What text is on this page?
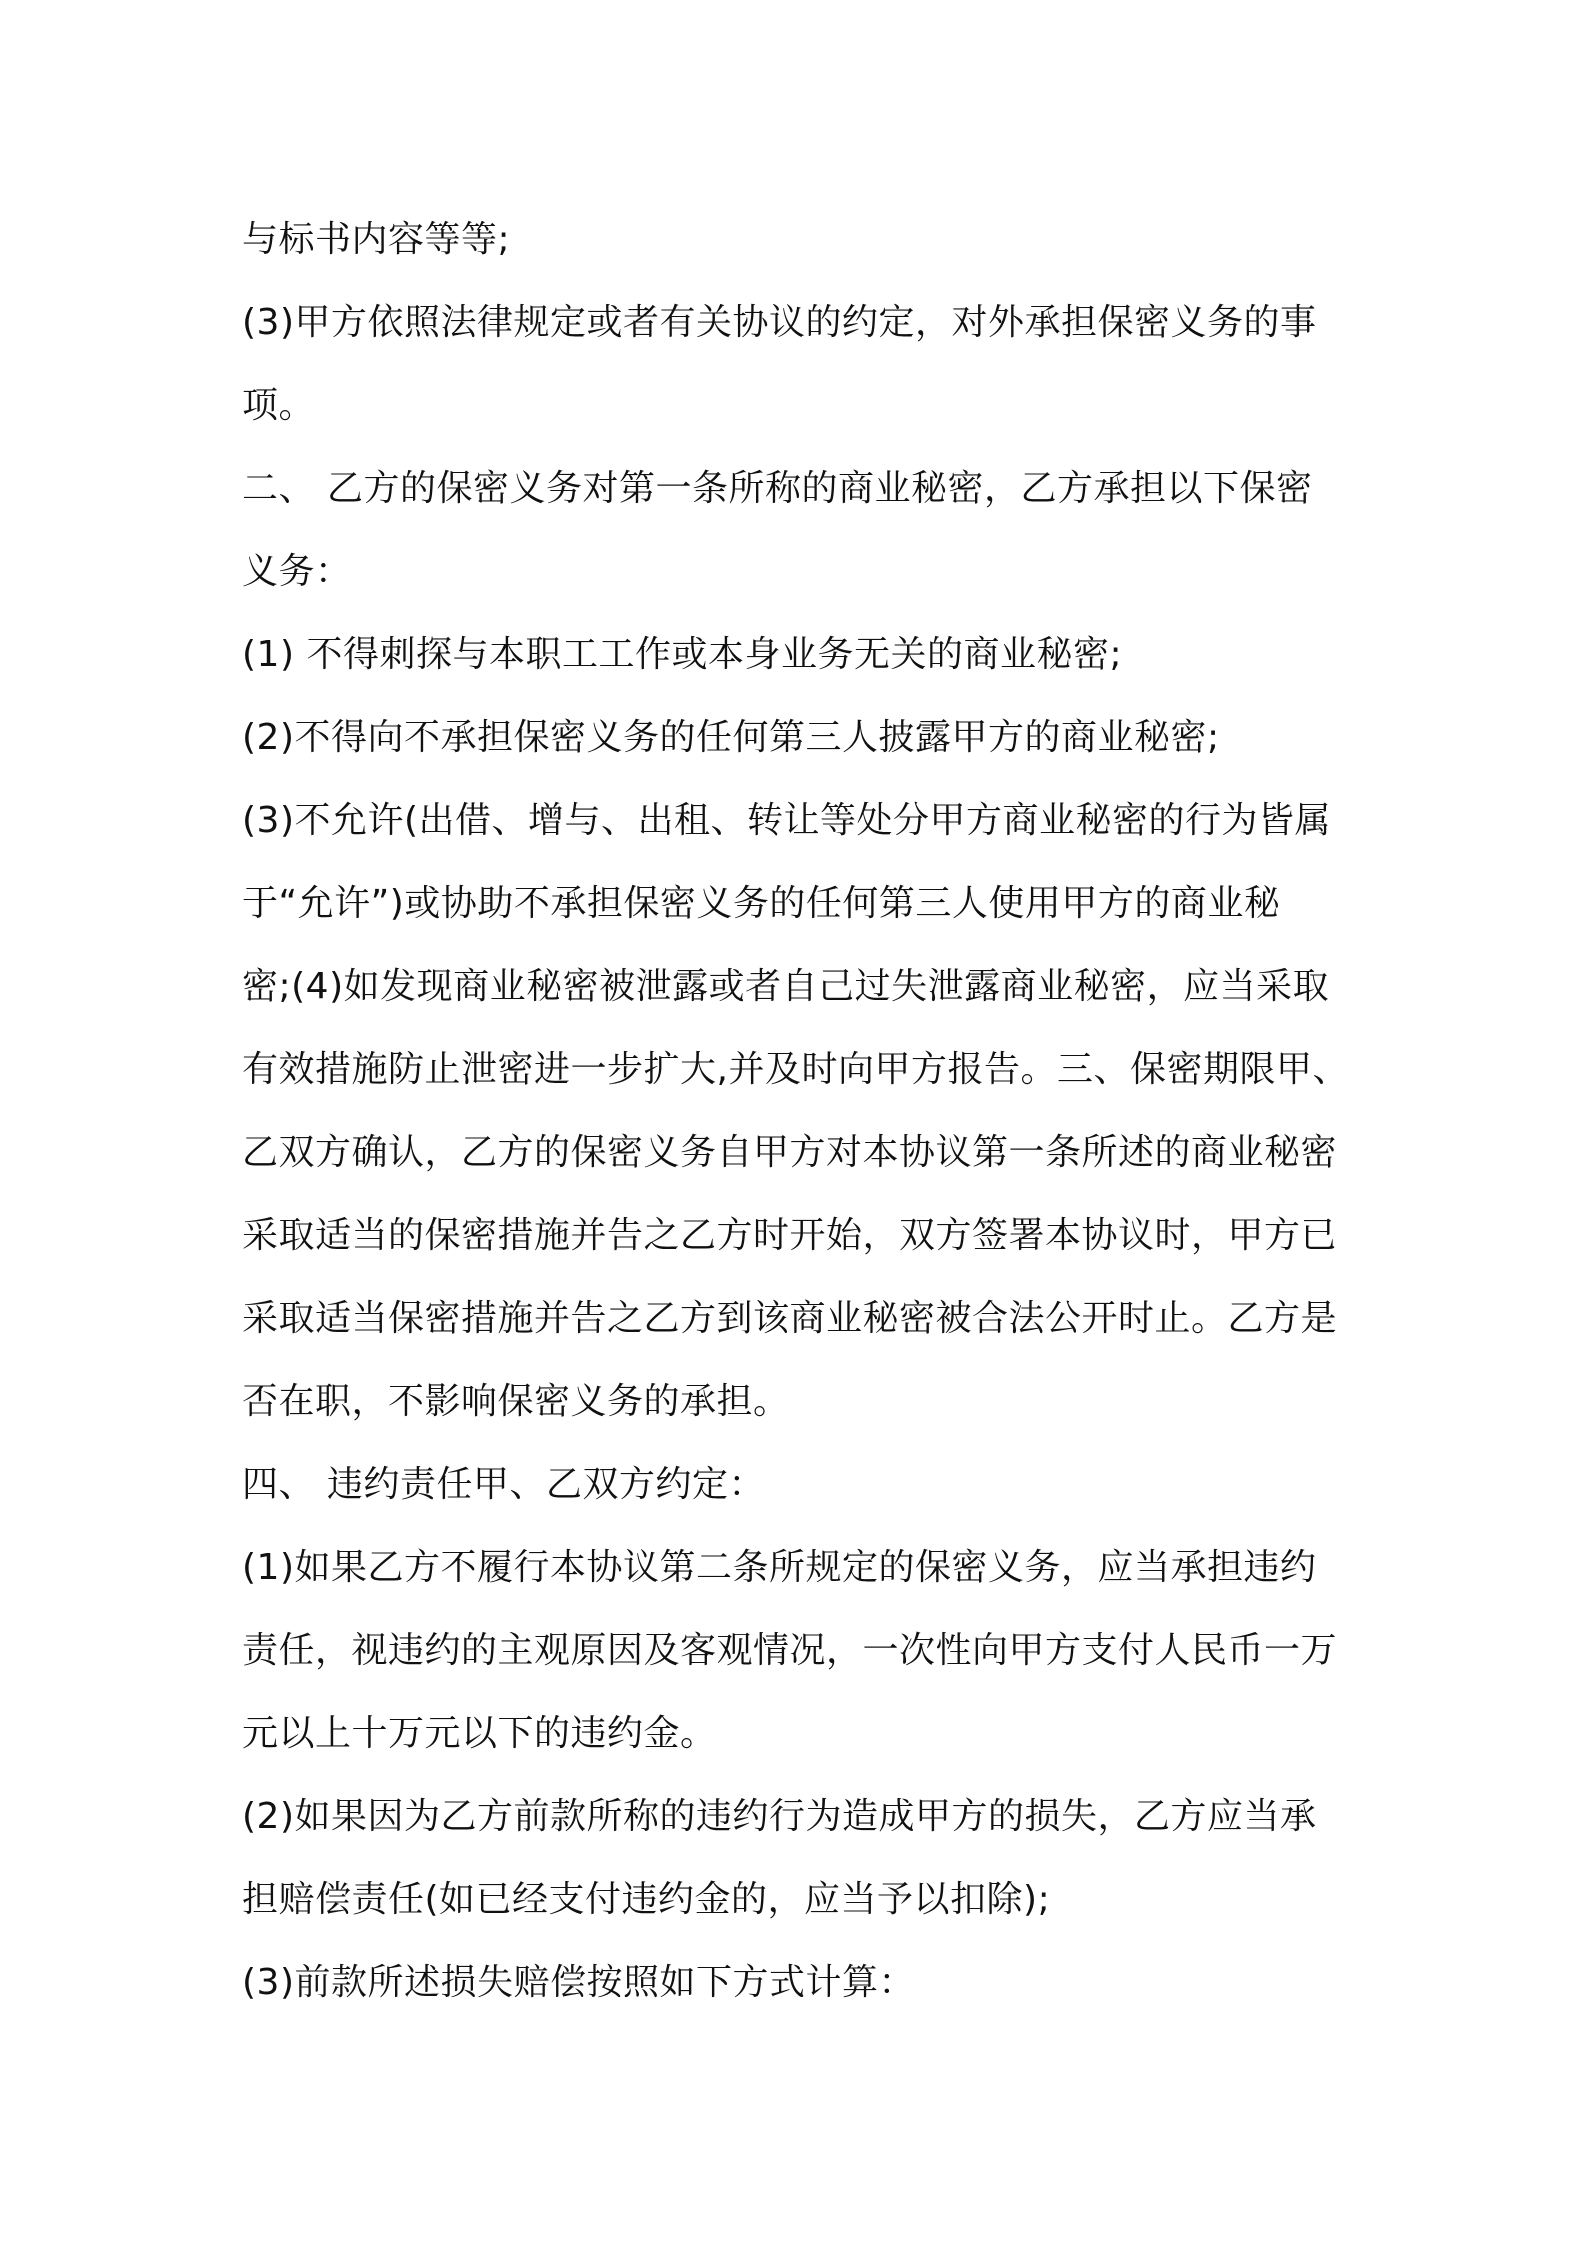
与标书内容等等;
(3)甲方依照法律规定或者有关协议的约定，对外承担保密义务的事
项。
二、 乙方的保密义务对第一条所称的商业秘密，乙方承担以下保密
义务：
(1) 不得刺探与本职工工作或本身业务无关的商业秘密;
(2)不得向不承担保密义务的任何第三人披露甲方的商业秘密;
(3)不允许(出借、增与、出租、转让等处分甲方商业秘密的行为皆属
于“允许”)或协助不承担保密义务的任何第三人使用甲方的商业秘
密;(4)如发现商业秘密被泄露或者自己过失泄露商业秘密，应当采取
有效措施防止泄密进一步扩大,并及时向甲方报告。三、保密期限甲、
乙双方确认，乙方的保密义务自甲方对本协议第一条所述的商业秘密
采取适当的保密措施并告之乙方时开始，双方签署本协议时，甲方已
采取适当保密措施并告之乙方到该商业秘密被合法公开时止。乙方是
否在职，不影响保密义务的承担。
四、 违约责任甲、乙双方约定：
(1)如果乙方不履行本协议第二条所规定的保密义务，应当承担违约
责任，视违约的主观原因及客观情况，一次性向甲方支付人民币一万
元以上十万元以下的违约金。
(2)如果因为乙方前款所称的违约行为造成甲方的损失，乙方应当承
担赔偿责任(如已经支付违约金的，应当予以扣除);
(3)前款所述损失赔偿按照如下方式计算：
